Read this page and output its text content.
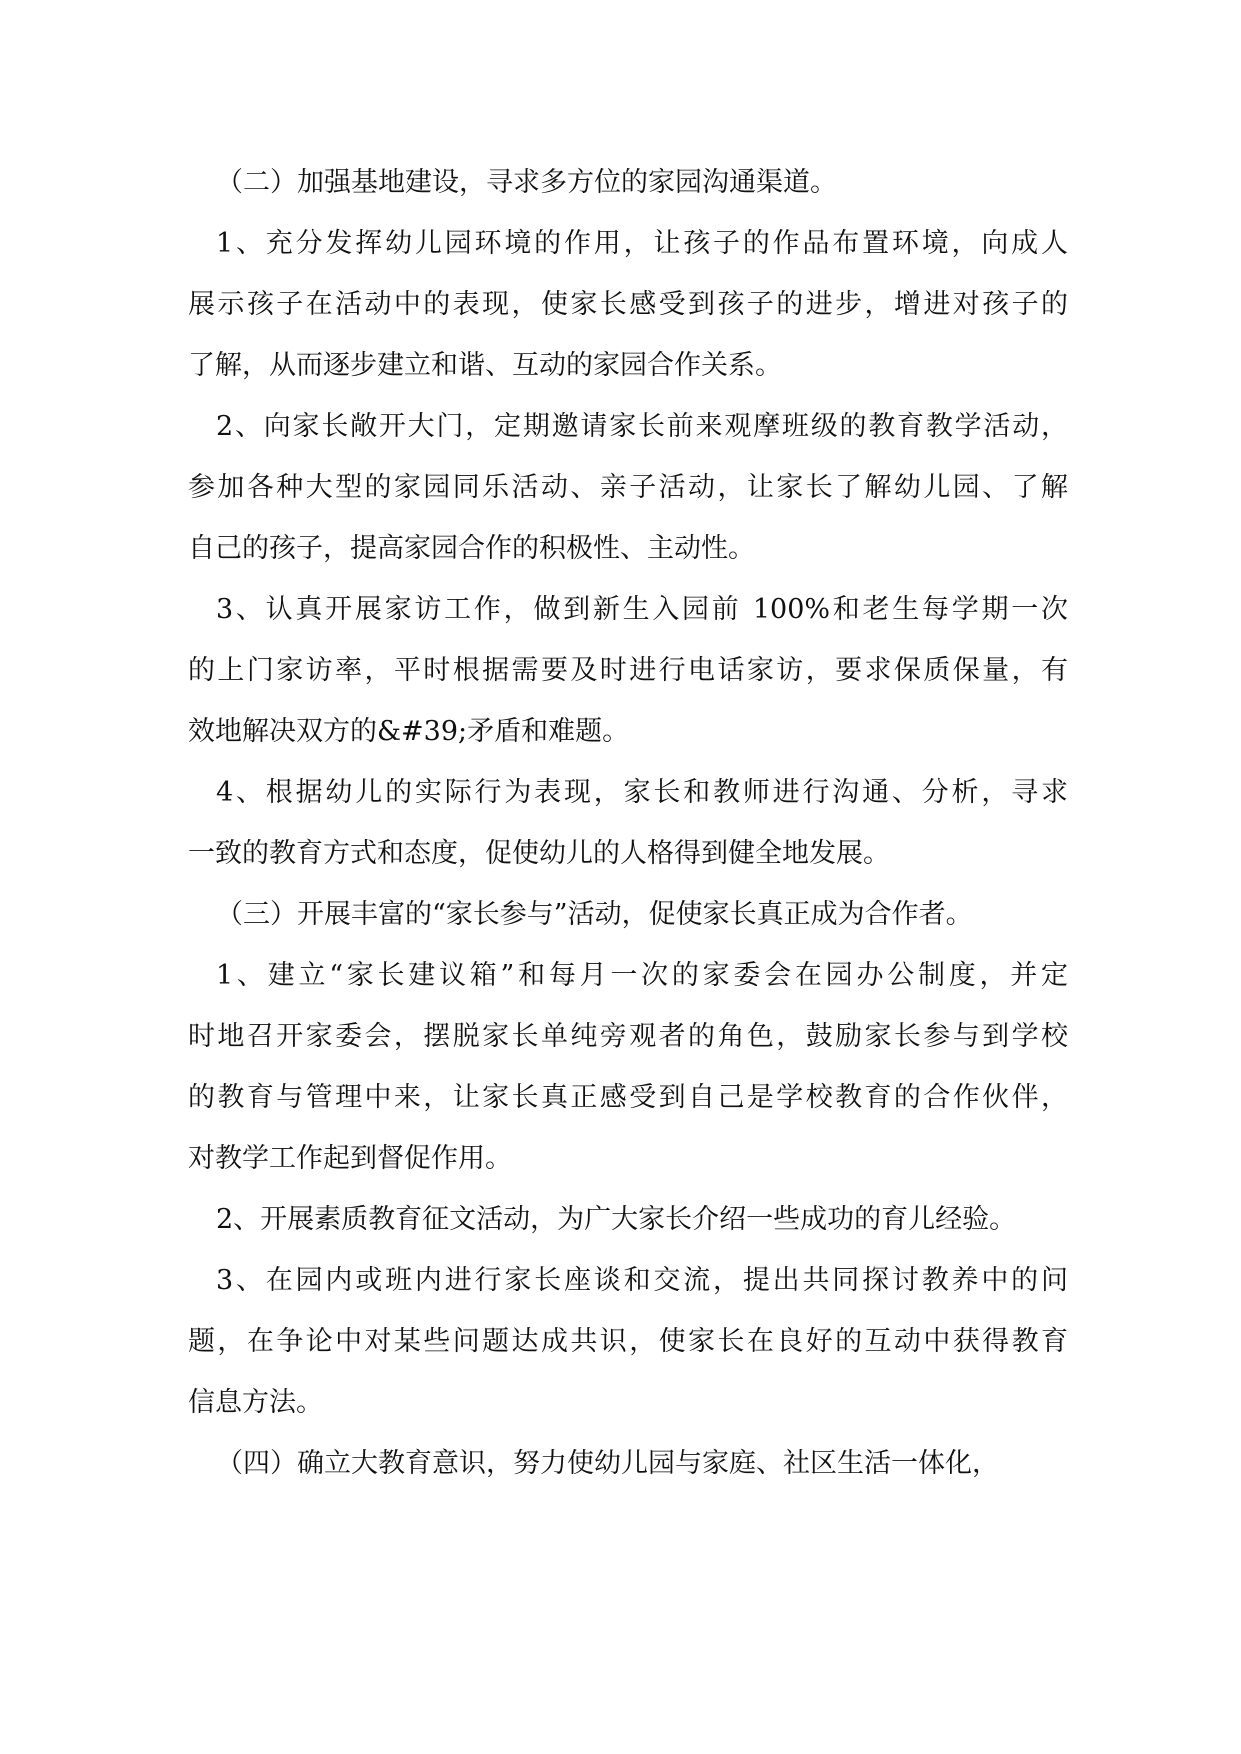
（二）加强基地建设，寻求多方位的家园沟通渠道。
1、充分发挥幼儿园环境的作用，让孩子的作品布置环境，向成人
展示孩子在活动中的表现，使家长感受到孩子的进步，增进对孩子的
了解，从而逐步建立和谐、互动的家园合作关系。
2、向家长敞开大门，定期邀请家长前来观摩班级的教育教学活动，
参加各种大型的家园同乐活动、亲子活动，让家长了解幼儿园、了解
自己的孩子，提高家园合作的积极性、主动性。
3、认真开展家访工作，做到新生入园前 100%和老生每学期一次
的上门家访率，平时根据需要及时进行电话家访，要求保质保量，有
效地解决双方的&#39;矛盾和难题。
4、根据幼儿的实际行为表现，家长和教师进行沟通、分析，寻求
一致的教育方式和态度，促使幼儿的人格得到健全地发展。
（三）开展丰富的“家长参与”活动，促使家长真正成为合作者。
1、建立“家长建议箱”和每月一次的家委会在园办公制度，并定
时地召开家委会，摆脱家长单纯旁观者的角色，鼓励家长参与到学校
的教育与管理中来，让家长真正感受到自己是学校教育的合作伙伴，
对教学工作起到督促作用。
2、开展素质教育征文活动，为广大家长介绍一些成功的育儿经验。
3、在园内或班内进行家长座谈和交流，提出共同探讨教养中的问
题，在争论中对某些问题达成共识，使家长在良好的互动中获得教育
信息方法。
（四）确立大教育意识，努力使幼儿园与家庭、社区生活一体化，
